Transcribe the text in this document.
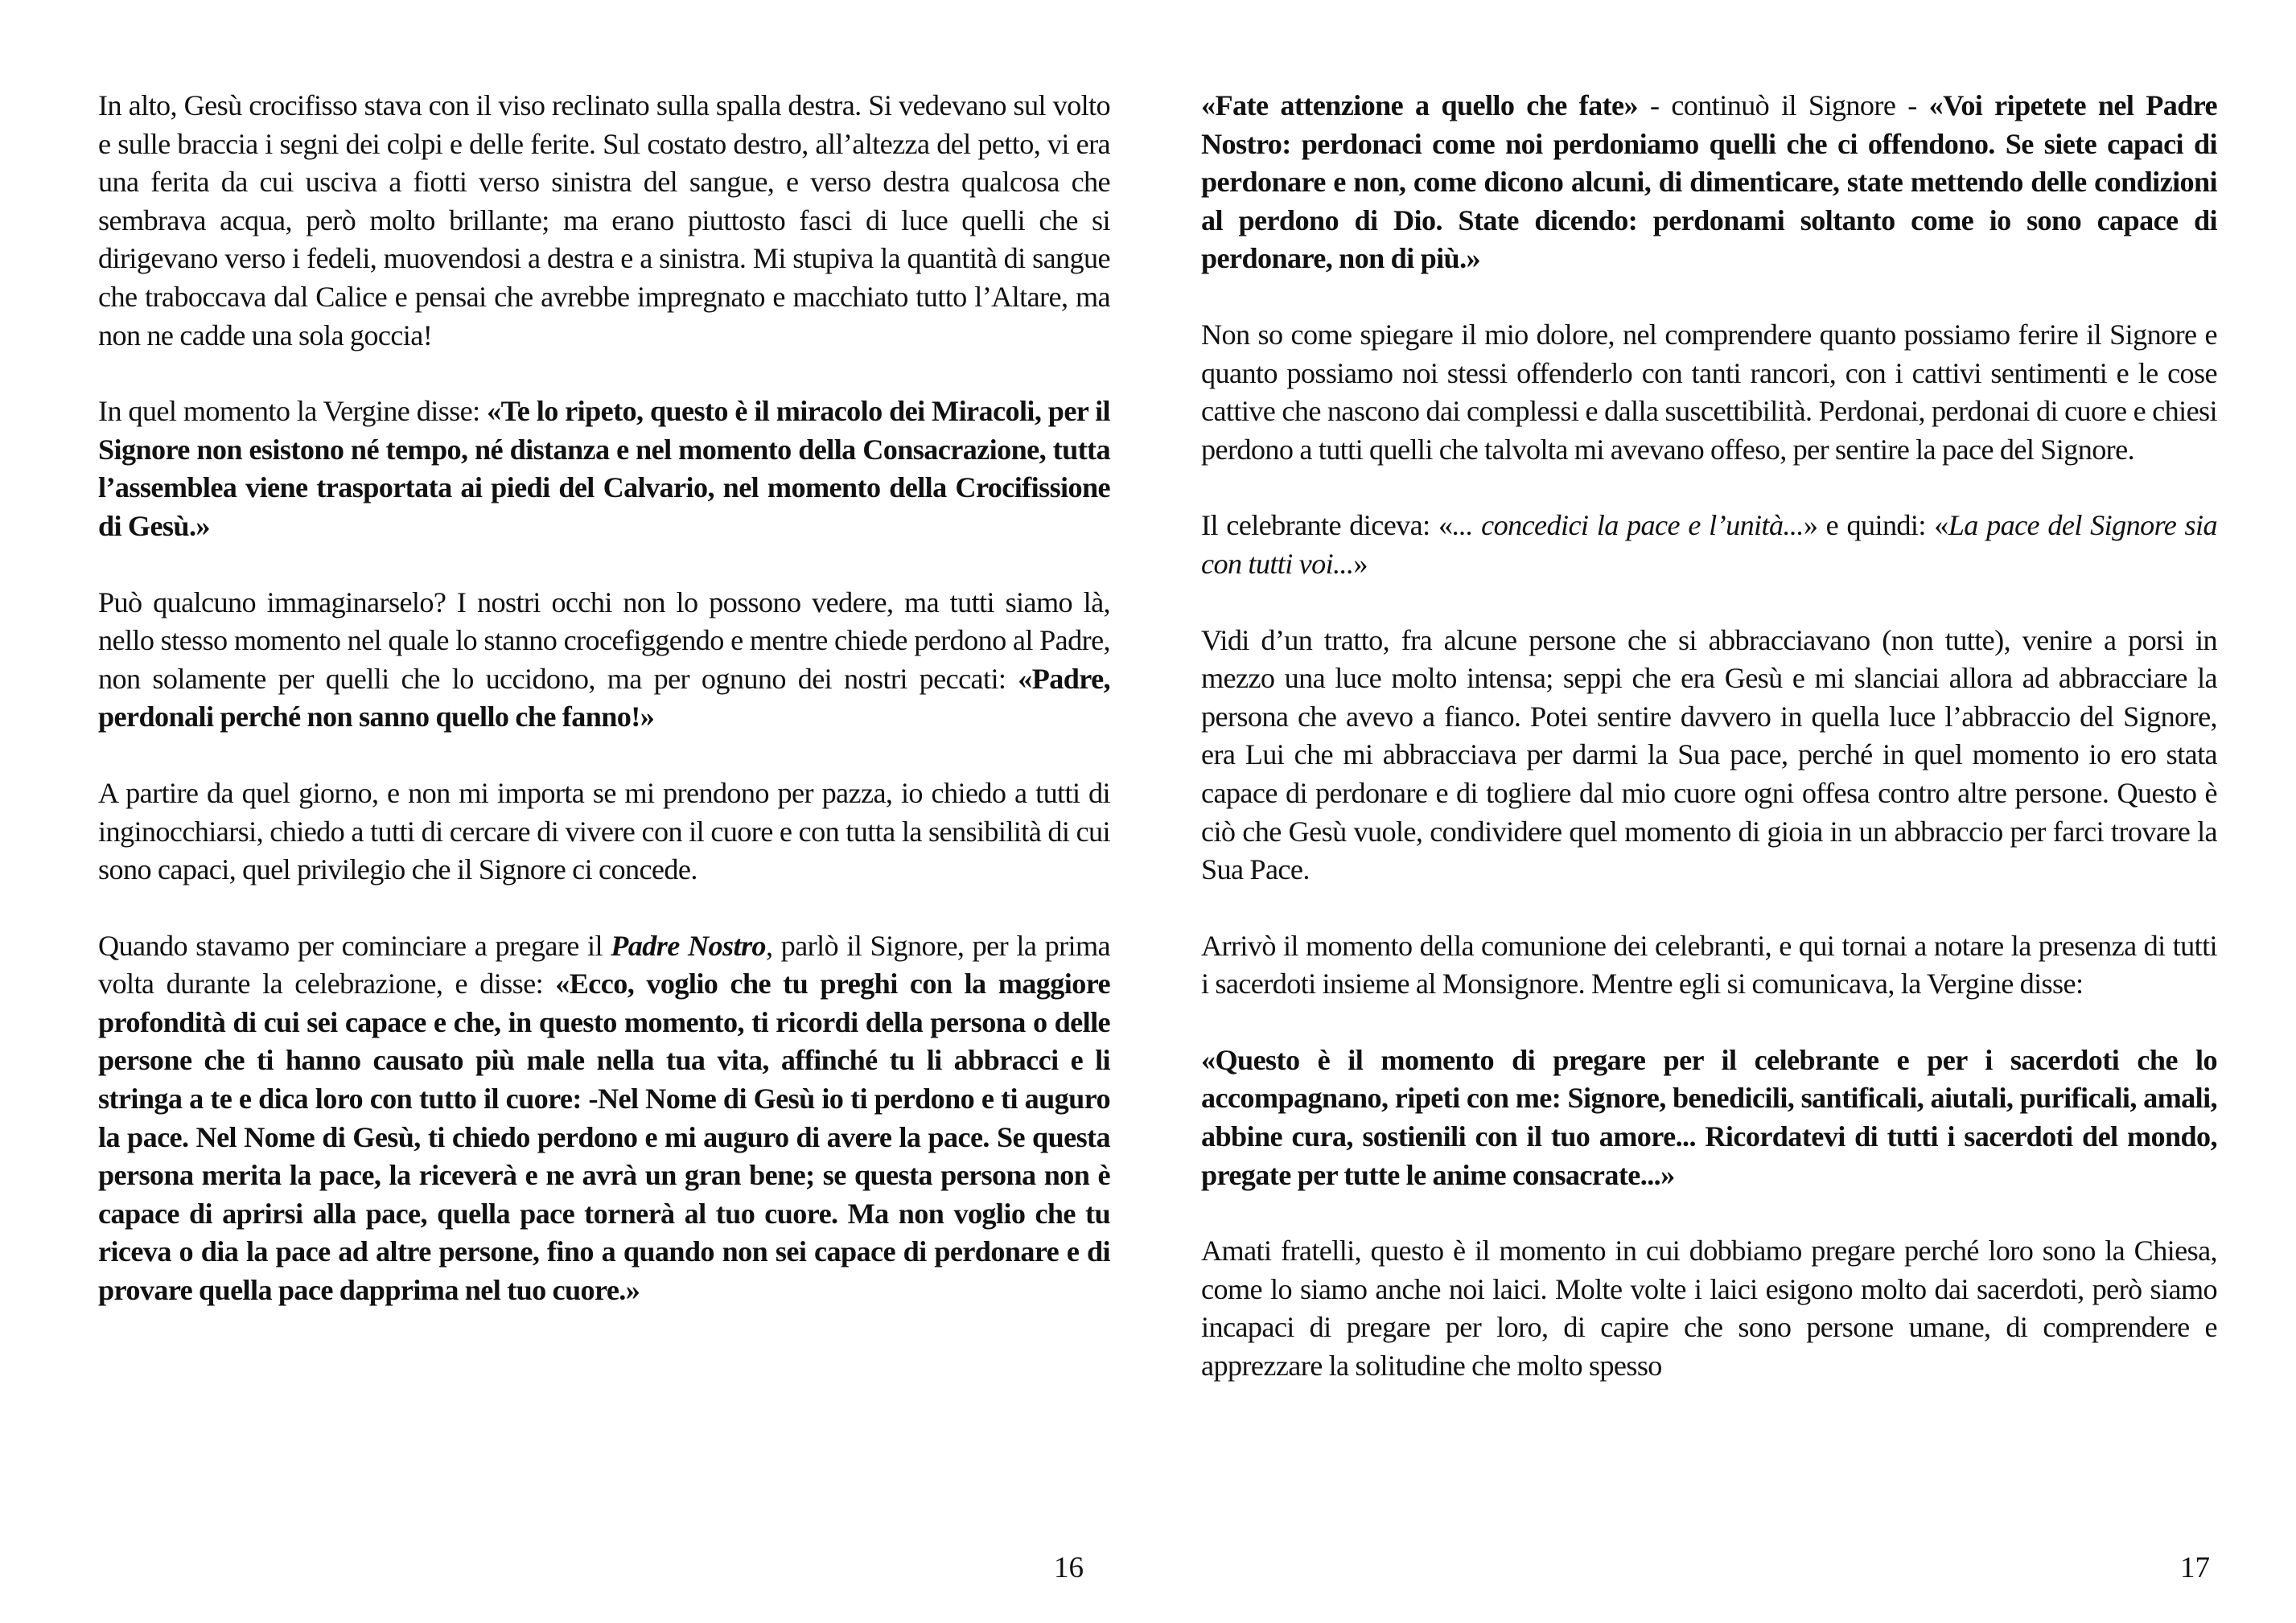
In alto, Gesù crocifisso stava con il viso reclinato sulla spalla destra. Si vedevano sul volto e sulle braccia i segni dei colpi e delle ferite. Sul costato destro, all’altezza del petto, vi era una ferita da cui usciva a fiotti verso sinistra del sangue, e verso destra qualcosa che sembrava acqua, però molto brillante; ma erano piuttosto fasci di luce quelli che si dirigevano verso i fedeli, muovendosi a destra e a sinistra. Mi stupiva la quantità di sangue che traboccava dal Calice e pensai che avrebbe impregnato e macchiato tutto l’Altare, ma non ne cadde una sola goccia!

In quel momento la Vergine disse: «Te lo ripeto, questo è il miracolo dei Miracoli, per il Signore non esistono né tempo, né distanza e nel momento della Consacrazione, tutta l’assemblea viene trasportata ai piedi del Calvario, nel momento della Crocifissione di Gesù.»

Può qualcuno immaginarselo? I nostri occhi non lo possono vedere, ma tutti siamo là, nello stesso momento nel quale lo stanno crocefiggendo e mentre chiede perdono al Padre, non solamente per quelli che lo uccidono, ma per ognuno dei nostri peccati: «Padre, perdonali perché non sanno quello che fanno!»

A partire da quel giorno, e non mi importa se mi prendono per pazza, io chiedo a tutti di inginocchiarsi, chiedo a tutti di cercare di vivere con il cuore e con tutta la sensibilità di cui sono capaci, quel privilegio che il Signore ci concede.

Quando stavamo per cominciare a pregare il Padre Nostro, parlò il Signore, per la prima volta durante la celebrazione, e disse: «Ecco, voglio che tu preghi con la maggiore profondità di cui sei capace e che, in questo momento, ti ricordi della persona o delle persone che ti hanno causato più male nella tua vita, affinché tu li abbracci e li stringa a te e dica loro con tutto il cuore: -Nel Nome di Gesù io ti perdono e ti auguro la pace. Nel Nome di Gesù, ti chiedo perdono e mi auguro di avere la pace. Se questa persona merita la pace, la riceverà e ne avrà un gran bene; se questa persona non è capace di aprirsi alla pace, quella pace tornerà al tuo cuore. Ma non voglio che tu riceva o dia la pace ad altre persone, fino a quando non sei capace di perdonare e di provare quella pace dapprima nel tuo cuore.»

16

«Fate attenzione a quello che fate» - continuò il Signore - «Voi ripetete nel Padre Nostro: perdonaci come noi perdoniamo quelli che ci offendono. Se siete capaci di perdonare e non, come dicono alcuni, di dimenticare, state mettendo delle condizioni al perdono di Dio. State dicendo: perdonami soltanto come io sono capace di perdonare, non di più.»

Non so come spiegare il mio dolore, nel comprendere quanto possiamo ferire il Signore e quanto possiamo noi stessi offenderlo con tanti rancori, con i cattivi sentimenti e le cose cattive che nascono dai complessi e dalla suscettibilità. Perdonai, perdonai di cuore e chiesi perdono a tutti quelli che talvolta mi avevano offeso, per sentire la pace del Signore.

Il celebrante diceva: «... concedici la pace e l’unità...» e quindi: «La pace del Signore sia con tutti voi...»

Vidi d’un tratto, fra alcune persone che si abbracciavano (non tutte), venire a porsi in mezzo una luce molto intensa; seppi che era Gesù e mi slanciai allora ad abbracciare la persona che avevo a fianco. Potei sentire davvero in quella luce l’abbraccio del Signore, era Lui che mi abbracciava per darmi la Sua pace, perché in quel momento io ero stata capace di perdonare e di togliere dal mio cuore ogni offesa contro altre persone. Questo è ciò che Gesù vuole, condividere quel momento di gioia in un abbraccio per farci trovare la Sua Pace.

Arrivò il momento della comunione dei celebranti, e qui tornai a notare la presenza di tutti i sacerdoti insieme al Monsignore. Mentre egli si comunicava, la Vergine disse:

«Questo è il momento di pregare per il celebrante e per i sacerdoti che lo accompagnano, ripeti con me: Signore, benedicili, santificali, aiutali, purificali, amali, abbine cura, sostienili con il tuo amore... Ricordatevi di tutti i sacerdoti del mondo, pregate per tutte le anime consacrate...»

Amati fratelli, questo è il momento in cui dobbiamo pregare perché loro sono la Chiesa, come lo siamo anche noi laici. Molte volte i laici esigono molto dai sacerdoti, però siamo incapaci di pregare per loro, di capire che sono persone umane, di comprendere e apprezzare la solitudine che molto spesso

17
